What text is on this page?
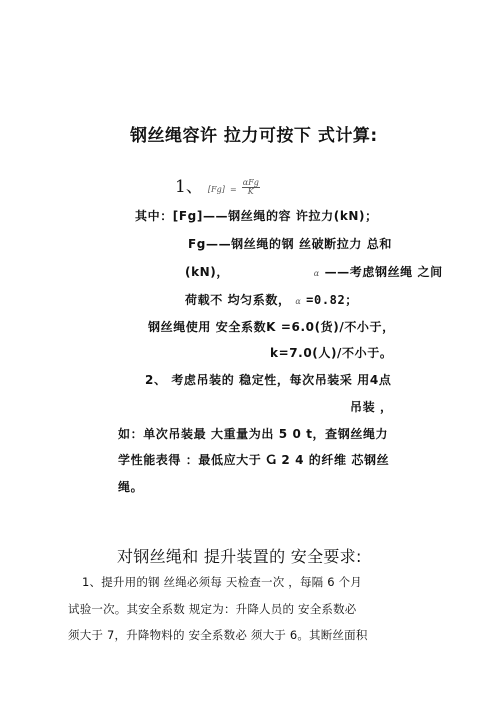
钢丝绳容许 拉力可按下 式计算:
1、 $[Fg] = \frac{\text{αFg}}{K}$
其中：[Fg]——钢丝绳的容 许拉力(kN)；
Fg——钢丝绳的钢 丝破断拉力 总和
(kN)，	α ——考虑钢丝绳 之间
荷载不 均匀系数， α =0.82；
钢丝绳使用 安全系数K =6.0(货)/不小于，
k=7.0(人)/不小于。
2、 考虑吊装的 稳定性，每次吊装采 用4点
吊装 ，
如：单次吊装最 大重量为出 5 0 t，查钢丝绳力
学性能表得 ：最低应大于 Ⴚ 2 4 的纤维 芯钢丝
绳。
对钢丝绳和 提升装置的 安全要求:
1、提升用的钢 丝绳必须每 天检查一次 ，每隔 6 个月
试验一次。其安全系数 规定为：升降人员的 安全系数必
须大于 7，升降物料的 安全系数必 须大于 6。其断丝面积
